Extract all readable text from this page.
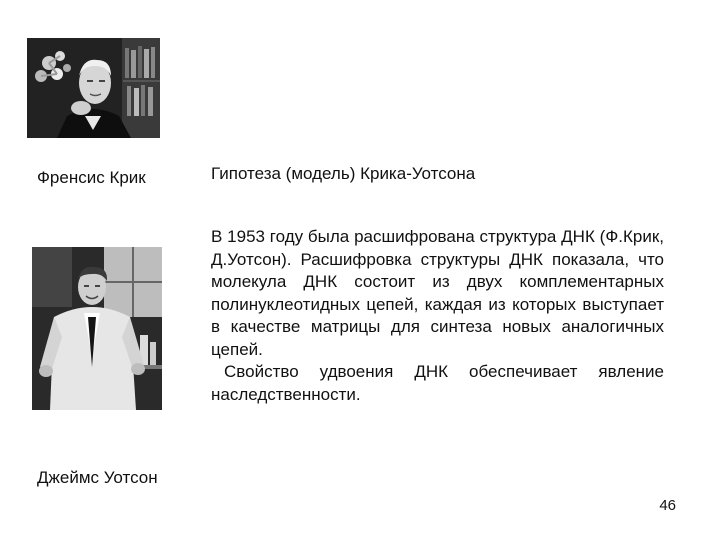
Френсис Крик
Джеймс Уотсон
Гипотеза (модель) Крика-Уотсона

В 1953 году была расшифрована структура ДНК (Ф.Крик, Д.Уотсон). Расшифровка структуры ДНК показала, что молекула ДНК состоит из двух комплементарных полинуклеотидных цепей, каждая из которых выступает в качестве матрицы для синтеза новых аналогичных цепей.

Свойство удвоения ДНК обеспечивает явление наследственности.

46
